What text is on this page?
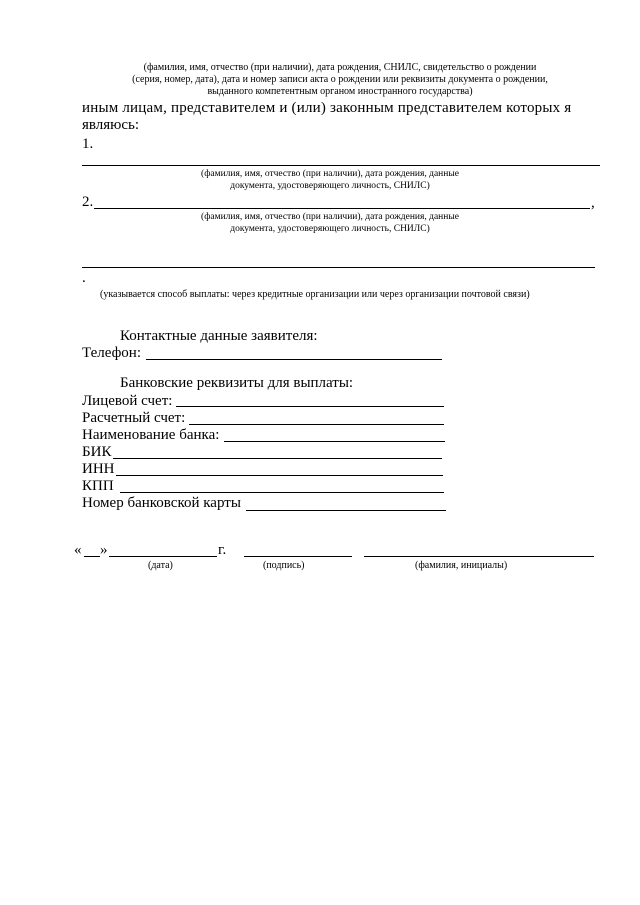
(фамилия, имя, отчество (при наличии), дата рождения, СНИЛС, свидетельство о рождении
(серия, номер, дата), дата и номер записи акта о рождении или реквизиты документа о рождении,
выданного компетентным органом иностранного государства)
иным лицам, представителем и (или) законным представителем которых я
являюсь:
1.
(фамилия, имя, отчество (при наличии), дата рождения, данные
документа, удостоверяющего личность, СНИЛС)
2.	,
(фамилия, имя, отчество (при наличии), дата рождения, данные
документа, удостоверяющего личность, СНИЛС)
.
(указывается способ выплаты: через кредитные организации или через организации почтовой связи)
Контактные данные заявителя:
Телефон:
Банковские реквизиты для выплаты:
Лицевой счет:
Расчетный счет:
Наименование банка:
БИК
ИНН
КПП
Номер банковской карты
« »	г.
(дата)	(подпись)	(фамилия, инициалы)
